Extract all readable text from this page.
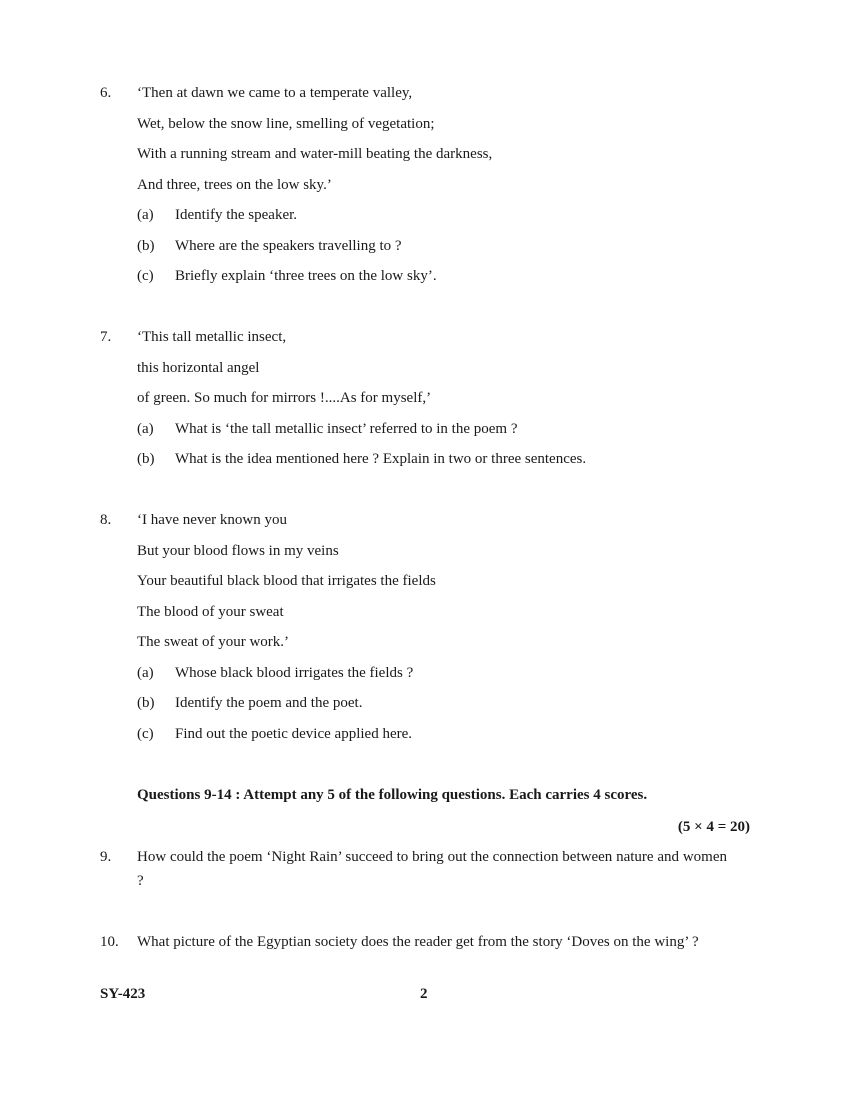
6. ‘Then at dawn we came to a temperate valley,
Wet, below the snow line, smelling of vegetation;
With a running stream and water-mill beating the darkness,
And three, trees on the low sky.’
(a) Identify the speaker.
(b) Where are the speakers travelling to ?
(c) Briefly explain ‘three trees on the low sky’.
7. ‘This tall metallic insect,
this horizontal angel
of green. So much for mirrors !....As for myself,’
(a) What is ‘the tall metallic insect’ referred to in the poem ?
(b) What is the idea mentioned here ? Explain in two or three sentences.
8. ‘I have never known you
But your blood flows in my veins
Your beautiful black blood that irrigates the fields
The blood of your sweat
The sweat of your work.’
(a) Whose black blood irrigates the fields ?
(b) Identify the poem and the poet.
(c) Find out the poetic device applied here.
Questions 9-14 : Attempt any 5 of the following questions. Each carries 4 scores.
(5 × 4 = 20)
9. How could the poem ‘Night Rain’ succeed to bring out the connection between nature and women ?
10. What picture of the Egyptian society does the reader get from the story ‘Doves on the wing’ ?
SY-423	2
